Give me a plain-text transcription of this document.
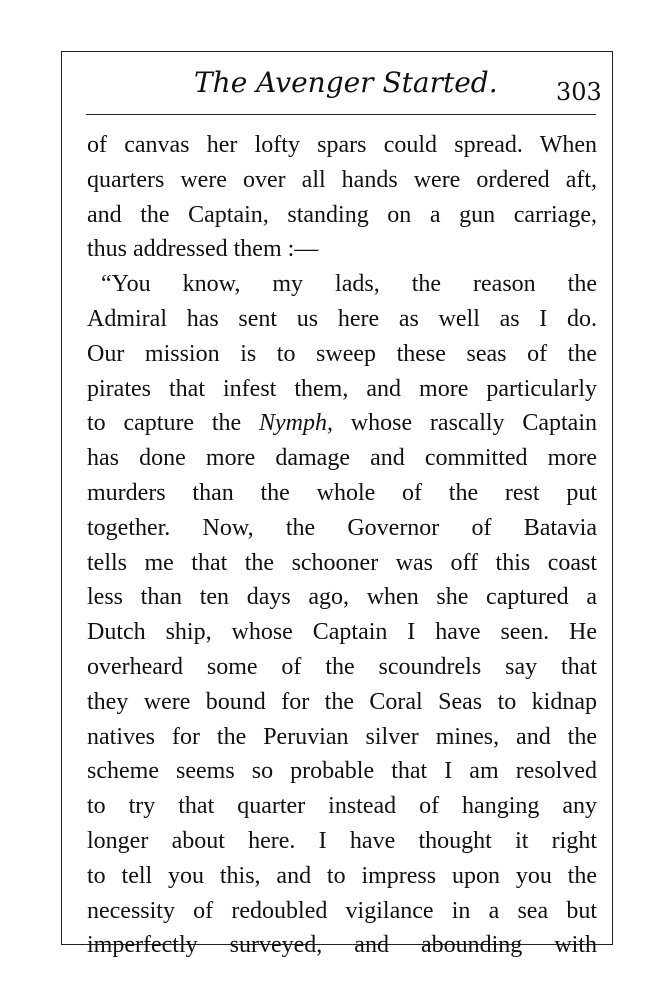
The Avenger Started. 303
of canvas her lofty spars could spread. When
quarters were over all hands were ordered aft,
and the Captain, standing on a gun carriage,
thus addressed them :—
“You know, my lads, the reason the
Admiral has sent us here as well as I do.
Our mission is to sweep these seas of the
pirates that infest them, and more particularly
to capture the Nymph, whose rascally Captain
has done more damage and committed more
murders than the whole of the rest put
together. Now, the Governor of Batavia
tells me that the schooner was off this coast
less than ten days ago, when she captured a
Dutch ship, whose Captain I have seen. He
overheard some of the scoundrels say that
they were bound for the Coral Seas to kidnap
natives for the Peruvian silver mines, and the
scheme seems so probable that I am resolved
to try that quarter instead of hanging any
longer about here. I have thought it right
to tell you this, and to impress upon you the
necessity of redoubled vigilance in a sea but
imperfectly surveyed, and abounding with
